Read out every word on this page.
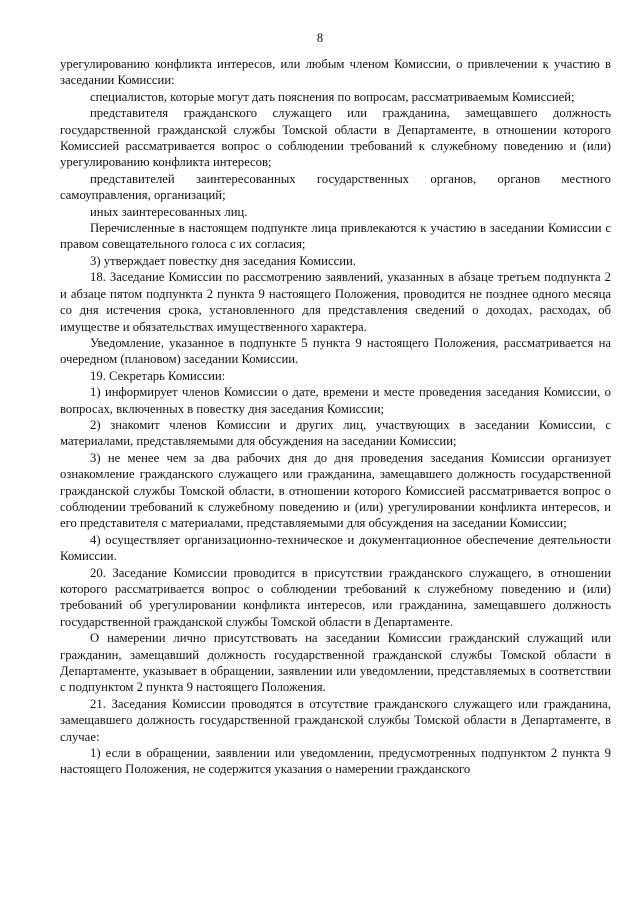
8

урегулированию конфликта интересов, или любым членом Комиссии, о привлечении к участию в заседании Комиссии:

специалистов, которые могут дать пояснения по вопросам, рассматриваемым Комиссией;

представителя гражданского служащего или гражданина, замещавшего должность государственной гражданской службы Томской области в Департаменте, в отношении которого Комиссией рассматривается вопрос о соблюдении требований к служебному поведению и (или) урегулированию конфликта интересов;

представителей заинтересованных государственных органов, органов местного самоуправления, организаций;

иных заинтересованных лиц.

Перечисленные в настоящем подпункте лица привлекаются к участию в заседании Комиссии с правом совещательного голоса с их согласия;

3) утверждает повестку дня заседания Комиссии.

18. Заседание Комиссии по рассмотрению заявлений, указанных в абзаце третьем подпункта 2 и абзаце пятом подпункта 2 пункта 9 настоящего Положения, проводится не позднее одного месяца со дня истечения срока, установленного для представления сведений о доходах, расходах, об имуществе и обязательствах имущественного характера.

Уведомление, указанное в подпункте 5 пункта 9 настоящего Положения, рассматривается на очередном (плановом) заседании Комиссии.

19. Секретарь Комиссии:

1) информирует членов Комиссии о дате, времени и месте проведения заседания Комиссии, о вопросах, включенных в повестку дня заседания Комиссии;

2) знакомит членов Комиссии и других лиц, участвующих в заседании Комиссии, с материалами, представляемыми для обсуждения на заседании Комиссии;

3) не менее чем за два рабочих дня до дня проведения заседания Комиссии организует ознакомление гражданского служащего или гражданина, замещавшего должность государственной гражданской службы Томской области, в отношении которого Комиссией рассматривается вопрос о соблюдении требований к служебному поведению и (или) урегулировании конфликта интересов, и его представителя с материалами, представляемыми для обсуждения на заседании Комиссии;

4) осуществляет организационно-техническое и документационное обеспечение деятельности Комиссии.

20. Заседание Комиссии проводится в присутствии гражданского служащего, в отношении которого рассматривается вопрос о соблюдении требований к служебному поведению и (или) требований об урегулировании конфликта интересов, или гражданина, замещавшего должность государственной гражданской службы Томской области в Департаменте.

О намерении лично присутствовать на заседании Комиссии гражданский служащий или гражданин, замещавший должность государственной гражданской службы Томской области в Департаменте, указывает в обращении, заявлении или уведомлении, представляемых в соответствии с подпунктом 2 пункта 9 настоящего Положения.

21. Заседания Комиссии проводятся в отсутствие гражданского служащего или гражданина, замещавшего должность государственной гражданской службы Томской области в Департаменте, в случае:

1) если в обращении, заявлении или уведомлении, предусмотренных подпунктом 2 пункта 9 настоящего Положения, не содержится указания о намерении гражданского
